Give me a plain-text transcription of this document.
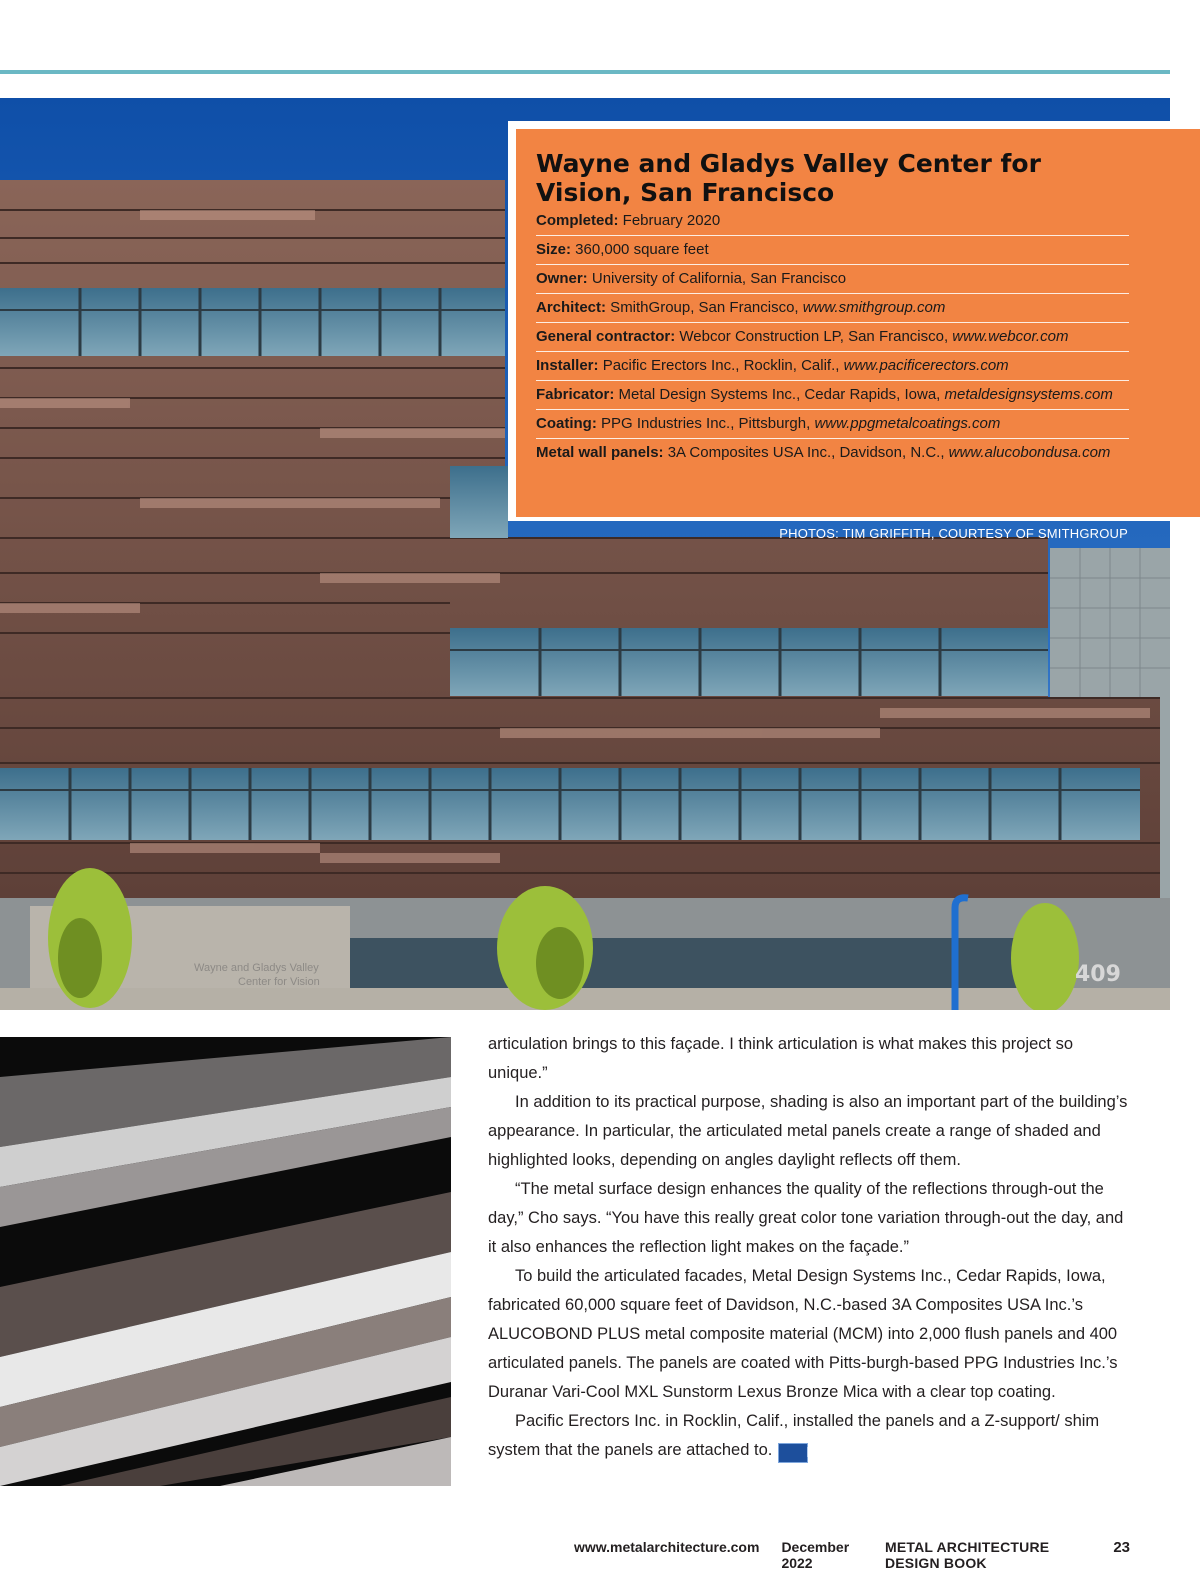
Wayne and Gladys Valley
Center for Vision	409
Wayne and Gladys Valley Center for Vision, San Francisco
Completed: February 2020
Size: 360,000 square feet
Owner: University of California, San Francisco
Architect: SmithGroup, San Francisco, www.smithgroup.com
General contractor: Webcor Construction LP, San Francisco, www.webcor.com
Installer: Pacific Erectors Inc., Rocklin, Calif., www.pacificerectors.com
Fabricator: Metal Design Systems Inc., Cedar Rapids, Iowa, metaldesignsystems.com
Coating: PPG Industries Inc., Pittsburgh, www.ppgmetalcoatings.com
Metal wall panels: 3A Composites USA Inc., Davidson, N.C., www.alucobondusa.com
PHOTOS: TIM GRIFFITH, COURTESY OF SMITHGROUP

articulation brings to this façade. I think articulation is what makes this project so unique.”

In addition to its practical purpose, shading is also an important part of the building’s appearance. In particular, the articulated metal panels create a range of shaded and highlighted looks, depending on angles daylight reflects off them.

“The metal surface design enhances the quality of the reflections through-out the day,” Cho says. “You have this really great color tone variation through-out the day, and it also enhances the reflection light makes on the façade.”

To build the articulated facades, Metal Design Systems Inc., Cedar Rapids, Iowa, fabricated 60,000 square feet of Davidson, N.C.-based 3A Composites USA Inc.’s ALUCOBOND PLUS metal composite material (MCM) into 2,000 flush panels and 400 articulated panels. The panels are coated with Pitts-burgh-based PPG Industries Inc.’s Duranar Vari-Cool MXL Sunstorm Lexus Bronze Mica with a clear top coating.

Pacific Erectors Inc. in Rocklin, Calif., installed the panels and a Z-support/ shim system that the panels are attached to.	Ma

www.metalarchitecture.com December 2022
METAL ARCHITECTURE DESIGN BOOK
23
